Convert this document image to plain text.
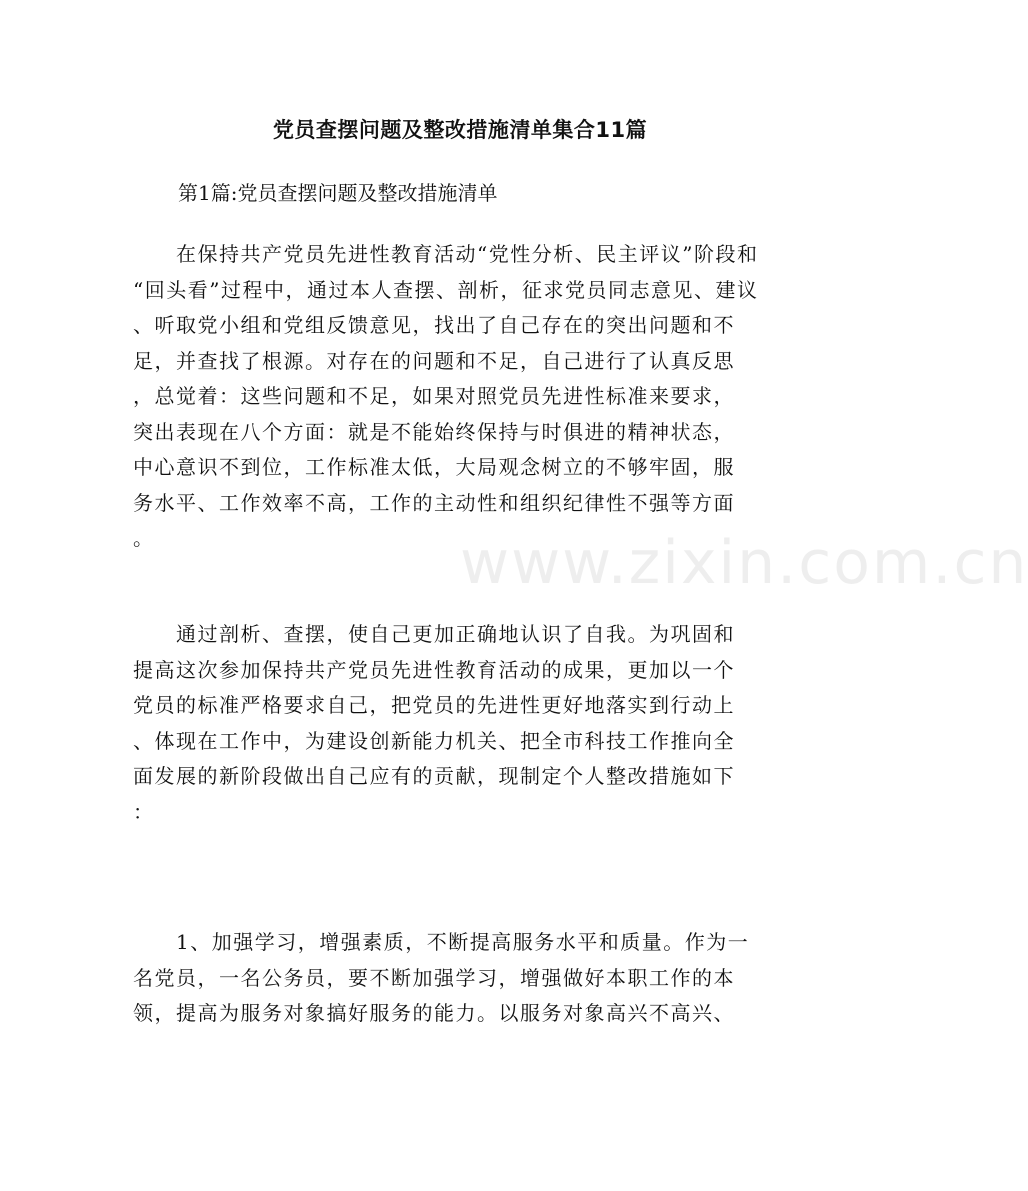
www.zixin.com.cn
党员查摆问题及整改措施清单集合11篇

第1篇:党员查摆问题及整改措施清单

　　在保持共产党员先进性教育活动“党性分析、民主评议”阶段和
“回头看”过程中，通过本人查摆、剖析，征求党员同志意见、建议
、听取党小组和党组反馈意见，找出了自己存在的突出问题和不
足，并查找了根源。对存在的问题和不足，自己进行了认真反思
，总觉着：这些问题和不足，如果对照党员先进性标准来要求，
突出表现在八个方面：就是不能始终保持与时俱进的精神状态，
中心意识不到位，工作标准太低，大局观念树立的不够牢固，服
务水平、工作效率不高，工作的主动性和组织纪律性不强等方面
。
　　通过剖析、查摆，使自己更加正确地认识了自我。为巩固和
提高这次参加保持共产党员先进性教育活动的成果，更加以一个
党员的标准严格要求自己，把党员的先进性更好地落实到行动上
、体现在工作中，为建设创新能力机关、把全市科技工作推向全
面发展的新阶段做出自己应有的贡献，现制定个人整改措施如下
：
　　1、加强学习，增强素质，不断提高服务水平和质量。作为一
名党员，一名公务员，要不断加强学习，增强做好本职工作的本
领，提高为服务对象搞好服务的能力。以服务对象高兴不高兴、
